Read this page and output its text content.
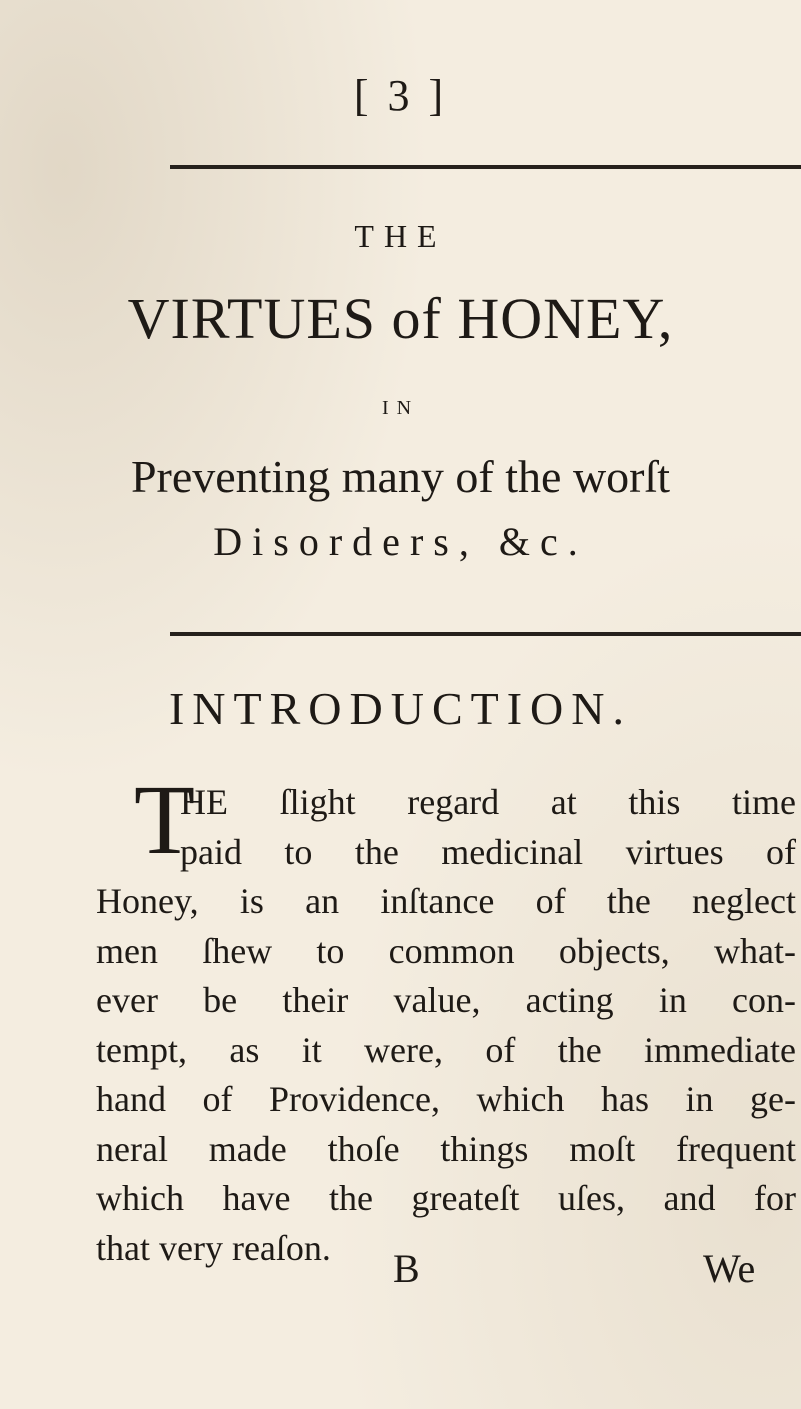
[ 3 ]
THE
VIRTUES of HONEY,
IN
Preventing many of the worſt
Disorders, &c.
INTRODUCTION.
T
HE ſlight regard at this time
paid to the medicinal virtues of
Honey, is an inſtance of the neglect
men ſhew to common objects, what-
ever be their value, acting in con-
tempt, as it were, of the immediate
hand of Providence, which has in ge-
neral made thoſe things moſt frequent
which have the greateſt uſes, and for
that very reaſon.	B	We
